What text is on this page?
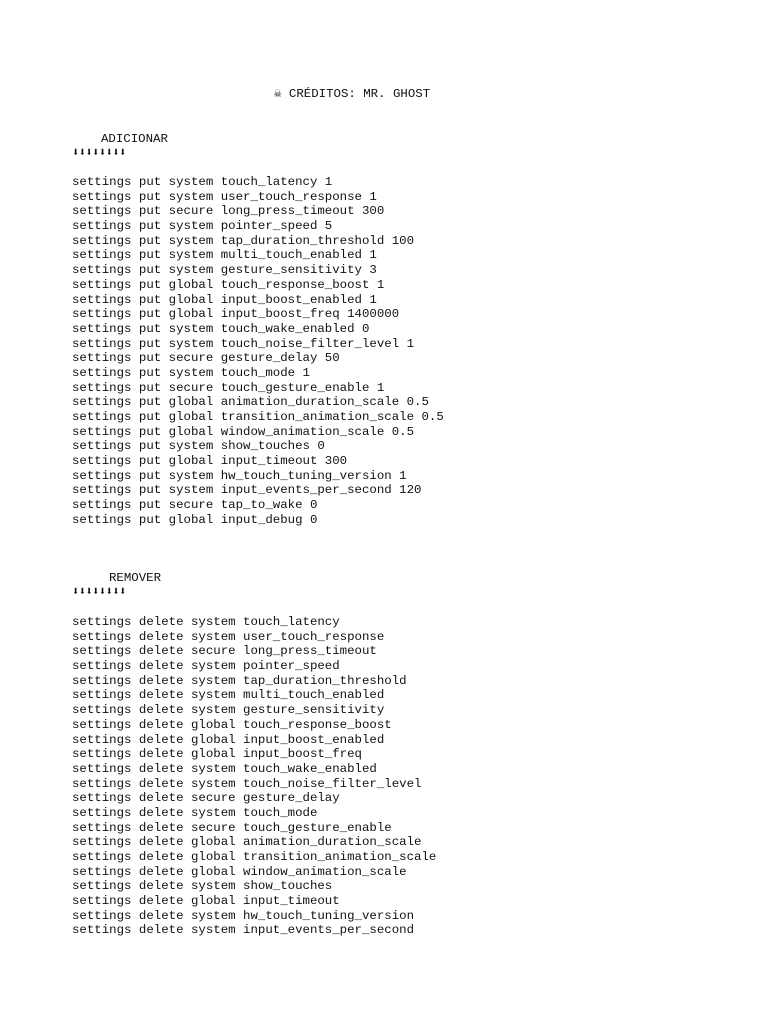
☠ CRÉDITOS: MR. GHOST
ADICIONAR
⬇⬇⬇⬇⬇⬇⬇⬇
settings put system touch_latency 1
settings put system user_touch_response 1
settings put secure long_press_timeout 300
settings put system pointer_speed 5
settings put system tap_duration_threshold 100
settings put system multi_touch_enabled 1
settings put system gesture_sensitivity 3
settings put global touch_response_boost 1
settings put global input_boost_enabled 1
settings put global input_boost_freq 1400000
settings put system touch_wake_enabled 0
settings put system touch_noise_filter_level 1
settings put secure gesture_delay 50
settings put system touch_mode 1
settings put secure touch_gesture_enable 1
settings put global animation_duration_scale 0.5
settings put global transition_animation_scale 0.5
settings put global window_animation_scale 0.5
settings put system show_touches 0
settings put global input_timeout 300
settings put system hw_touch_tuning_version 1
settings put system input_events_per_second 120
settings put secure tap_to_wake 0
settings put global input_debug 0
REMOVER
⬇⬇⬇⬇⬇⬇⬇⬇
settings delete system touch_latency
settings delete system user_touch_response
settings delete secure long_press_timeout
settings delete system pointer_speed
settings delete system tap_duration_threshold
settings delete system multi_touch_enabled
settings delete system gesture_sensitivity
settings delete global touch_response_boost
settings delete global input_boost_enabled
settings delete global input_boost_freq
settings delete system touch_wake_enabled
settings delete system touch_noise_filter_level
settings delete secure gesture_delay
settings delete system touch_mode
settings delete secure touch_gesture_enable
settings delete global animation_duration_scale
settings delete global transition_animation_scale
settings delete global window_animation_scale
settings delete system show_touches
settings delete global input_timeout
settings delete system hw_touch_tuning_version
settings delete system input_events_per_second
